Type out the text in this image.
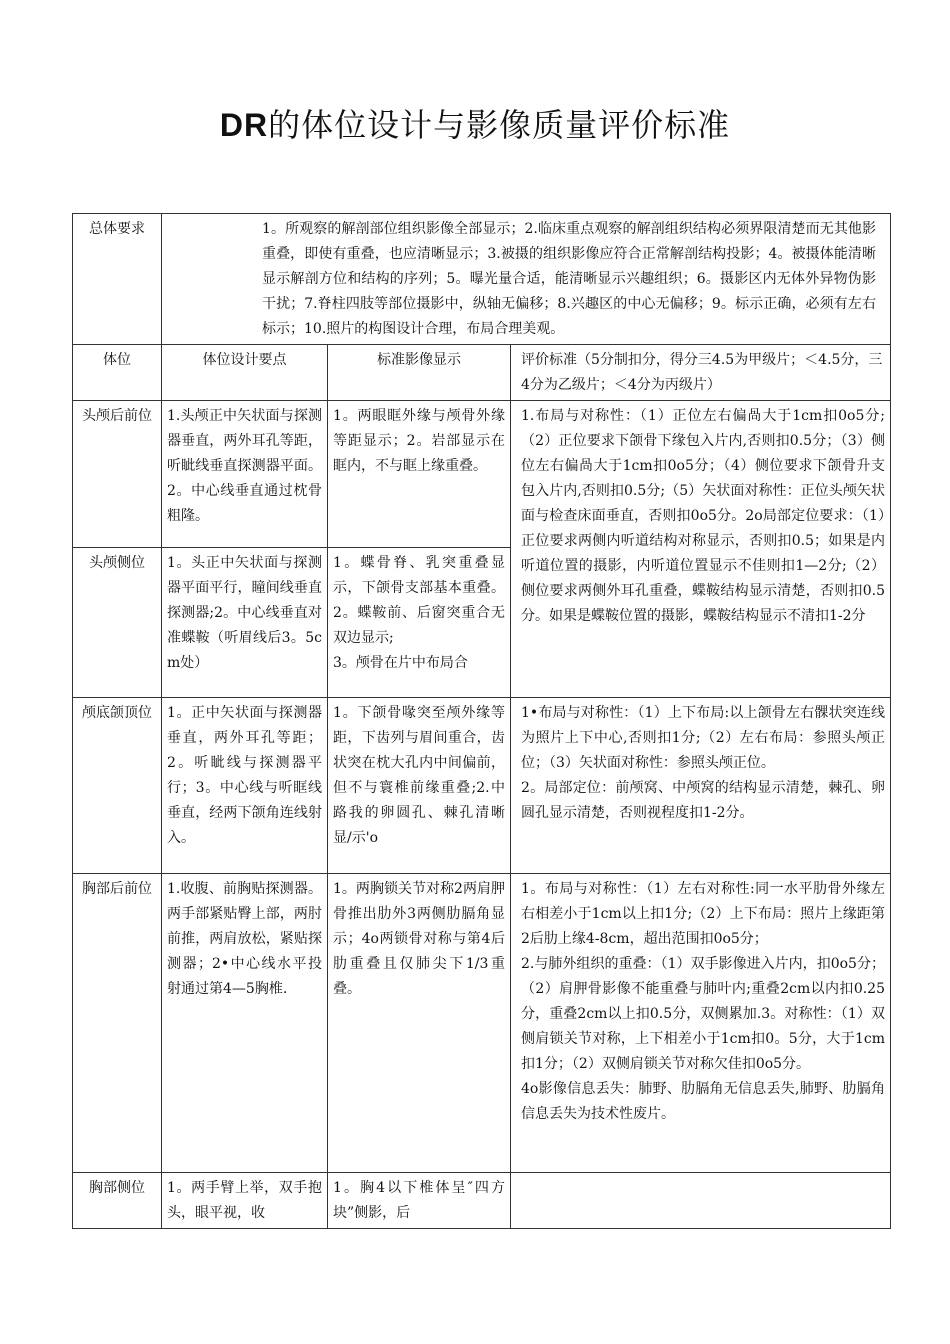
DR的体位设计与影像质量评价标准
总体要求	1。所观察的解剖部位组织影像全部显示；2.临床重点观察的解剖组织结构必须界限清楚而无其他影重叠，即使有重叠，也应清晰显示；3.被摄的组织影像应符合正常解剖结构投影；4。被摄体能清晰显示解剖方位和结构的序列；5。曝光量合适，能清晰显示兴趣组织；6。摄影区内无体外异物伪影干扰；7.脊柱四肢等部位摄影中，纵轴无偏移；8.兴趣区的中心无偏移；9。标示正确，必须有左右标示；10.照片的构图设计合理，布局合理美观。		
体位	体位设计要点	标准影像显示	评价标准（5分制扣分，得分三4.5为甲级片；＜4.5分，三4分为乙级片；＜4分为丙级片）
头颅后前位	1.头颅正中矢状面与探测器垂直，两外耳孔等距，听眦线垂直探测器平面。2。中心线垂直通过枕骨粗隆。	1。两眼眶外缘与颅骨外缘等距显示；2。岩部显示在眶内，不与眶上缘重叠。	1.布局与对称性：（1）正位左右偏咼大于1cm扣0o5分;（2）正位要求下颌骨下缘包入片内,否则扣0.5分；（3）侧位左右偏咼大于1cm扣0o5分；（4）侧位要求下颌骨升支包入片内,否则扣0.5分;（5）矢状面对称性：正位头颅矢状面与检查床面垂直，否则扣0o5分。2o局部定位要求：（1）正位要求两侧内听道结构对称显示，否则扣0.5；如果是内听道位置的摄影，内听道位置显示不佳则扣1—2分;（2）侧位要求两侧外耳孔重叠，蝶鞍结构显示清楚，否则扣0.5分。如果是蝶鞍位置的摄影，蝶鞍结构显示不清扣1-2分
头颅侧位	1。头正中矢状面与探测器平面平行，瞳间线垂直探测器;2。中心线垂直对准蝶鞍（听眉线后3。5cm处）	1。蝶骨脊、乳突重叠显示，下颌骨支部基本重叠。2。蝶鞍前、后窗突重合无双边显示;
3。颅骨在片中布局合	
颅底颌顶位	1。正中矢状面与探测器垂直，两外耳孔等距；2。听眦线与探测器平行；3。中心线与听眶线垂直，经两下颌角连线射入。	1。下颌骨喙突至颅外缘等距，下齿列与眉间重合，齿状突在枕大孔内中间偏前，但不与寰椎前缘重叠;2.中路我的卵圆孔、棘孔清晰显/示'o	1•布局与对称性：（1）上下布局:以上颌骨左右髁状突连线为照片上下中心,否则扣1分;（2）左右布局：参照头颅正位；（3）矢状面对称性：参照头颅正位。
2。局部定位：前颅窝、中颅窝的结构显示清楚，棘孔、卵圆孔显示清楚，否则视程度扣1-2分。
胸部后前位	1.收腹、前胸贴探测器。两手部紧贴臀上部，两肘前推，两肩放松，紧贴探测器；2•中心线水平投射通过第4—5胸椎.	1。两胸锁关节对称2两肩胛骨推出肋外3两侧肋膈角显示；4o两锁骨对称与第4后肋重叠且仅肺尖下1/3重叠。	1。布局与对称性：（1）左右对称性:同一水平肋骨外缘左右相差小于1cm以上扣1分;（2）上下布局：照片上缘距第2后肋上缘4-8cm，超出范围扣0o5分；
2.与肺外组织的重叠：（1）双手影像进入片内，扣0o5分；（2）肩胛骨影像不能重叠与肺叶内;重叠2cm以内扣0.25分，重叠2cm以上扣0.5分，双侧累加.3。对称性：（1）双侧肩锁关节对称，上下相差小于1cm扣0。5分，大于1cm扣1分；（2）双侧肩锁关节对称欠佳扣0o5分。
4o影像信息丢失：肺野、肋膈角无信息丢失,肺野、肋膈角信息丢失为技术性废片。
胸部侧位	1。两手臂上举，双手抱头，眼平视，收	1。胸4以下椎体呈″四方块”侧影，后	
